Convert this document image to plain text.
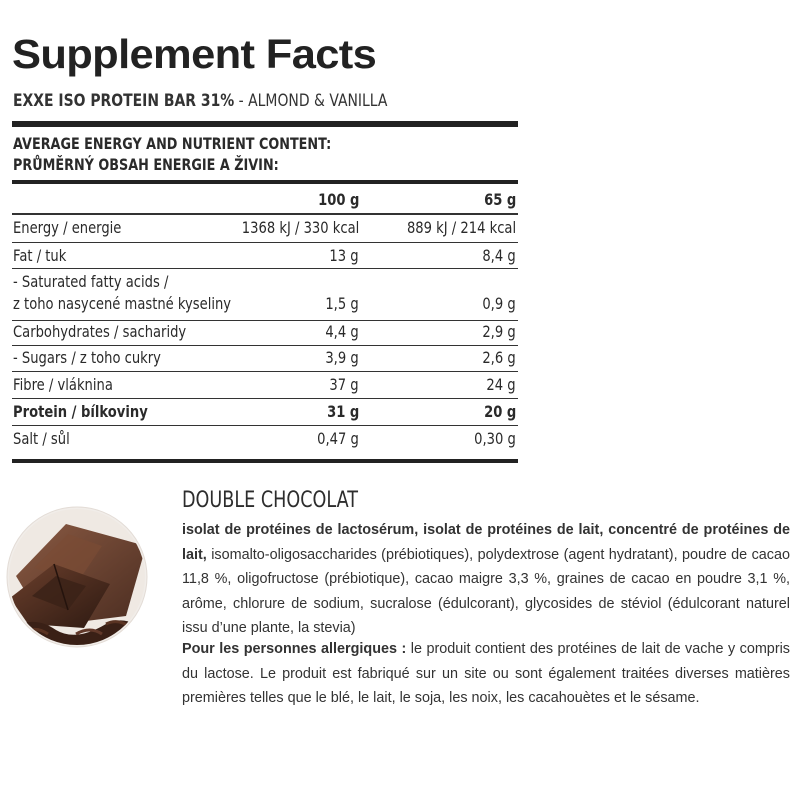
Supplement Facts
EXXE ISO PROTEIN BAR 31% - ALMOND & VANILLA
AVERAGE ENERGY AND NUTRIENT CONTENT:
PRŮMĚRNÝ OBSAH ENERGIE A ŽIVIN:
100 g	65 g
Energy / energie	1368 kJ / 330 kcal	889 kJ / 214 kcal
Fat / tuk	13 g	8,4 g
- Saturated fatty acids /
z toho nasycené mastné kyseliny	1,5 g	0,9 g
Carbohydrates / sacharidy	4,4 g	2,9 g
- Sugars / z toho cukry	3,9 g	2,6 g
Fibre / vláknina	37 g	24 g
Protein / bílkoviny	31 g	20 g
Salt / sůl	0,47 g	0,30 g
DOUBLE CHOCOLAT
isolat de protéines de lactosérum, isolat de protéines de lait, concentré de protéines de lait, isomalto-oligosaccharides (prébiotiques), polydextrose (agent hydratant), poudre de cacao 11,8 %, oligofructose (prébiotique), cacao maigre 3,3 %, graines de cacao en poudre 3,1 %, arôme, chlorure de sodium, sucralose (édulcorant), glycosides de stéviol (édulcorant naturel issu d’une plante, la stevia)
Pour les personnes allergiques : le produit contient des protéines de lait de vache y compris du lactose. Le produit est fabriqué sur un site ou sont également traitées diverses matières premières telles que le blé, le lait, le soja, les noix, les cacahouètes et le sésame.
